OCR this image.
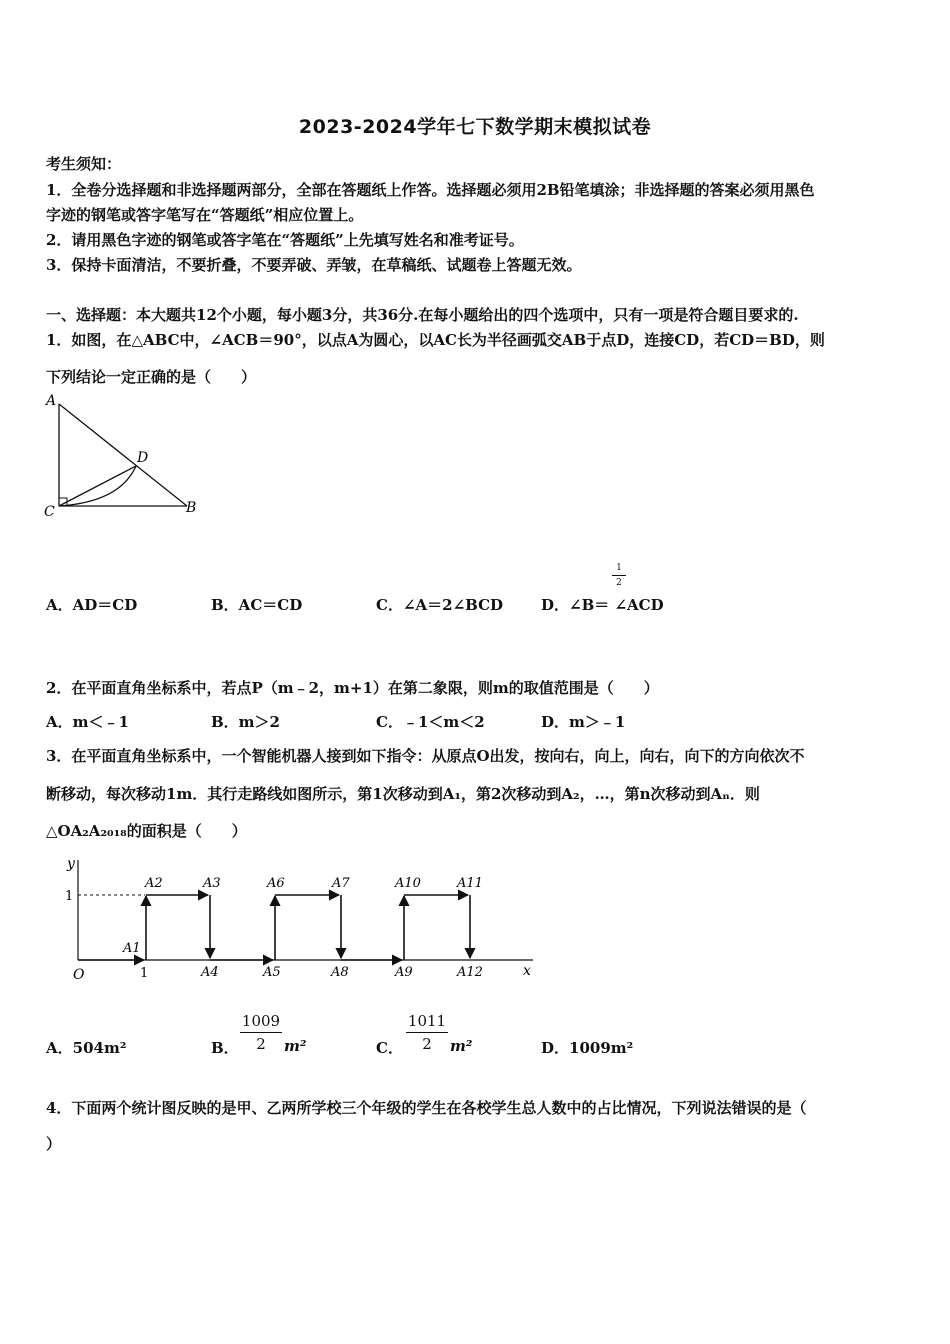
2023-2024学年七下数学期末模拟试卷
考生须知：
1．全卷分选择题和非选择题两部分，全部在答题纸上作答。选择题必须用2B铅笔填涂；非选择题的答案必须用黑色
字迹的钢笔或答字笔写在“答题纸”相应位置上。
2．请用黑色字迹的钢笔或答字笔在“答题纸”上先填写姓名和准考证号。
3．保持卡面清洁，不要折叠，不要弄破、弄皱，在草稿纸、试题卷上答题无效。
一、选择题：本大题共12个小题，每小题3分，共36分.在每小题给出的四个选项中，只有一项是符合题目要求的.
1．如图，在△ABC中，∠ACB＝90°，以点A为圆心，以AC长为半径画弧交AB于点D，连接CD，若CD＝BD，则
下列结论一定正确的是（　　）
A
C	B
D
A．AD＝CD	B．AC＝CD	C．∠A＝2∠BCD	D．∠B＝ ∠ACD
1
2
2．在平面直角坐标系中，若点P（m﹣2，m+1）在第二象限，则m的取值范围是（　　）
A．m＜﹣1	B．m＞2	C．﹣1＜m＜2	D．m＞﹣1
3．在平面直角坐标系中，一个智能机器人接到如下指令：从原点O出发，按向右，向上，向右，向下的方向依次不
断移动，每次移动1m．其行走路线如图所示，第1次移动到A₁，第2次移动到A₂，…，第n次移动到Aₙ．则
△OA₂A₂₀₁₈的面积是（　　）
y
x
O
1
1
A1
A2	A3
A4	A5
A6	A7
A8	A9
A10	A11
A12
A．504m²	B．
1009
2	m²	C．
1011
2	m²	D．1009m²
4．下面两个统计图反映的是甲、乙两所学校三个年级的学生在各校学生总人数中的占比情况，下列说法错误的是（
）
